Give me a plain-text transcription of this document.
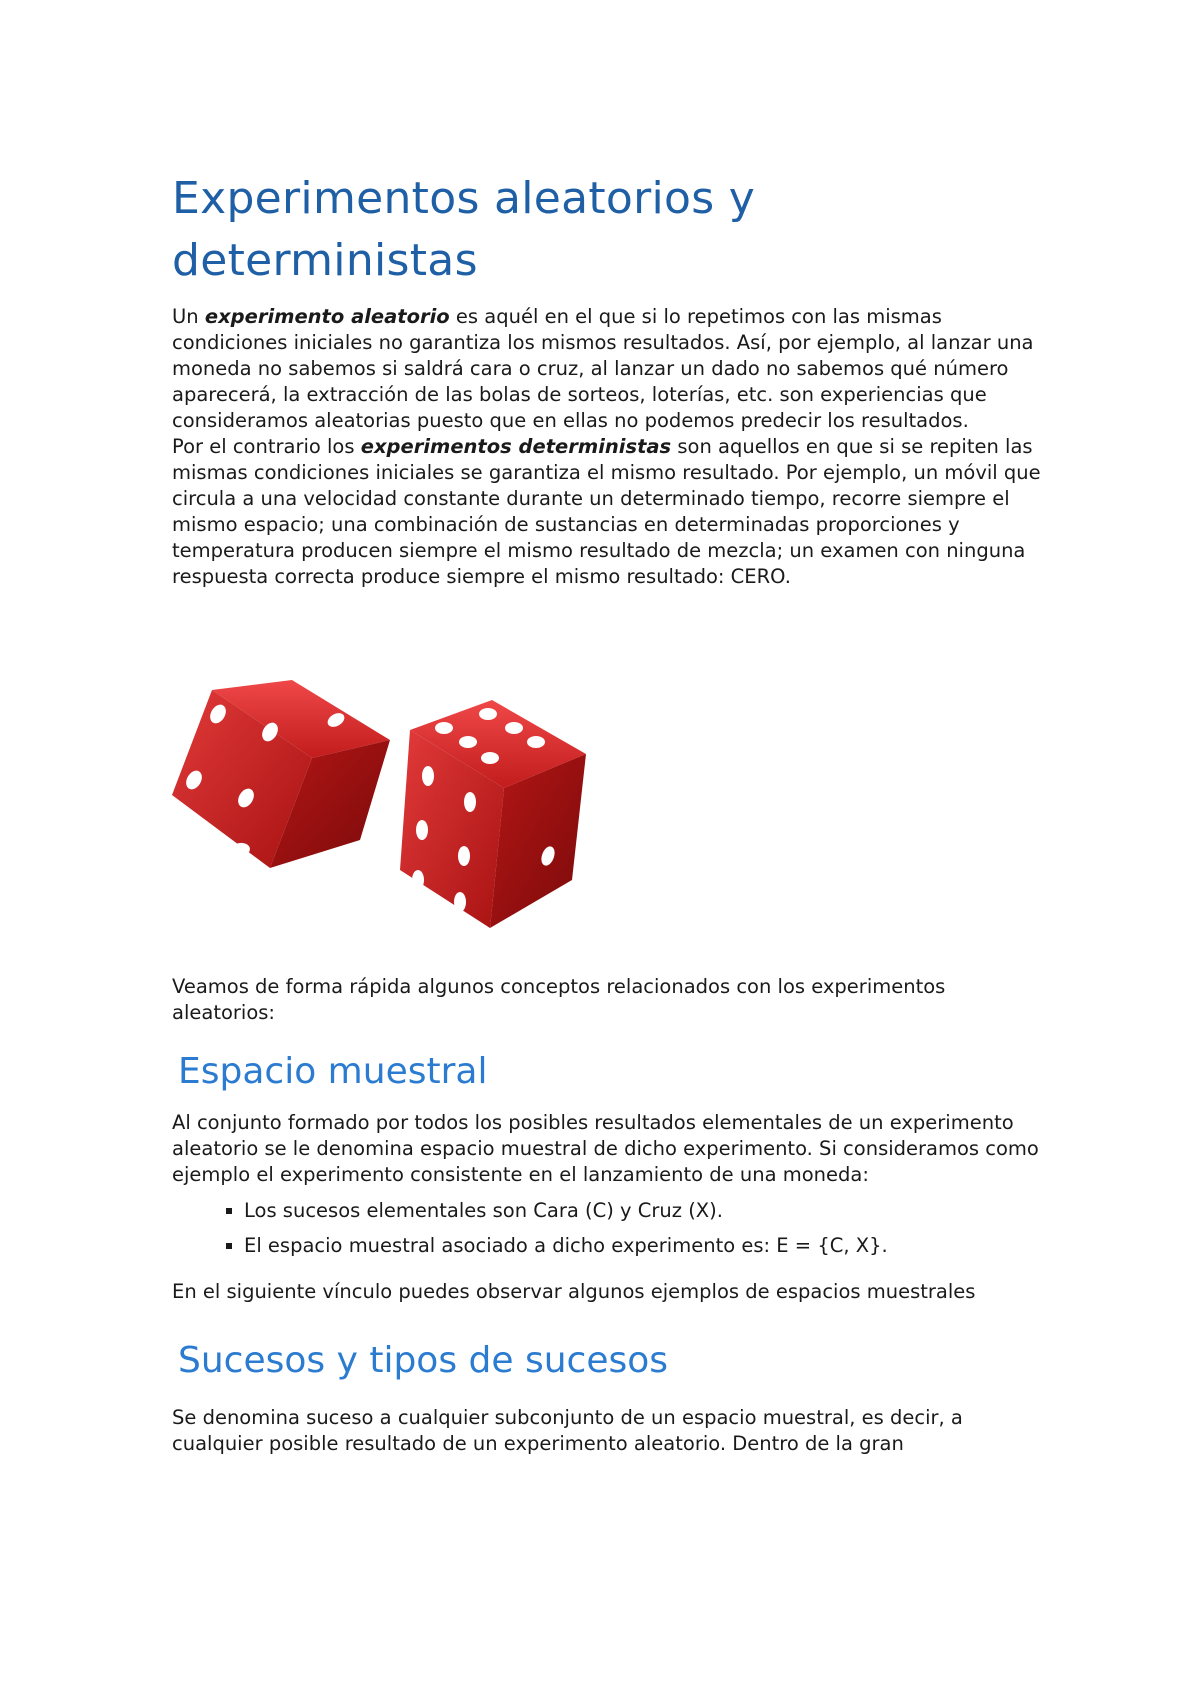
Experimentos aleatorios y
deterministas

Un experimento aleatorio es aquél en el que si lo repetimos con las mismas condiciones iniciales no garantiza los mismos resultados. Así, por ejemplo, al lanzar una moneda no sabemos si saldrá cara o cruz, al lanzar un dado no sabemos qué número aparecerá, la extracción de las bolas de sorteos, loterías, etc. son experiencias que consideramos aleatorias puesto que en ellas no podemos predecir los resultados.

Por el contrario los experimentos deterministas son aquellos en que si se repiten las mismas condiciones iniciales se garantiza el mismo resultado. Por ejemplo, un móvil que circula a una velocidad constante durante un determinado tiempo, recorre siempre el mismo espacio; una combinación de sustancias en determinadas proporciones y temperatura producen siempre el mismo resultado de mezcla; un examen con ninguna respuesta correcta produce siempre el mismo resultado: CERO.

Veamos de forma rápida algunos conceptos relacionados con los experimentos aleatorios:

Espacio muestral

Al conjunto formado por todos los posibles resultados elementales de un experimento aleatorio se le denomina espacio muestral de dicho experimento. Si consideramos como ejemplo el experimento consistente en el lanzamiento de una moneda:

Los sucesos elementales son Cara (C) y Cruz (X).
El espacio muestral asociado a dicho experimento es: E = {C, X}.

En el siguiente vínculo puedes observar algunos ejemplos de espacios muestrales

Sucesos y tipos de sucesos

Se denomina suceso a cualquier subconjunto de un espacio muestral, es decir, a cualquier posible resultado de un experimento aleatorio. Dentro de la gran
